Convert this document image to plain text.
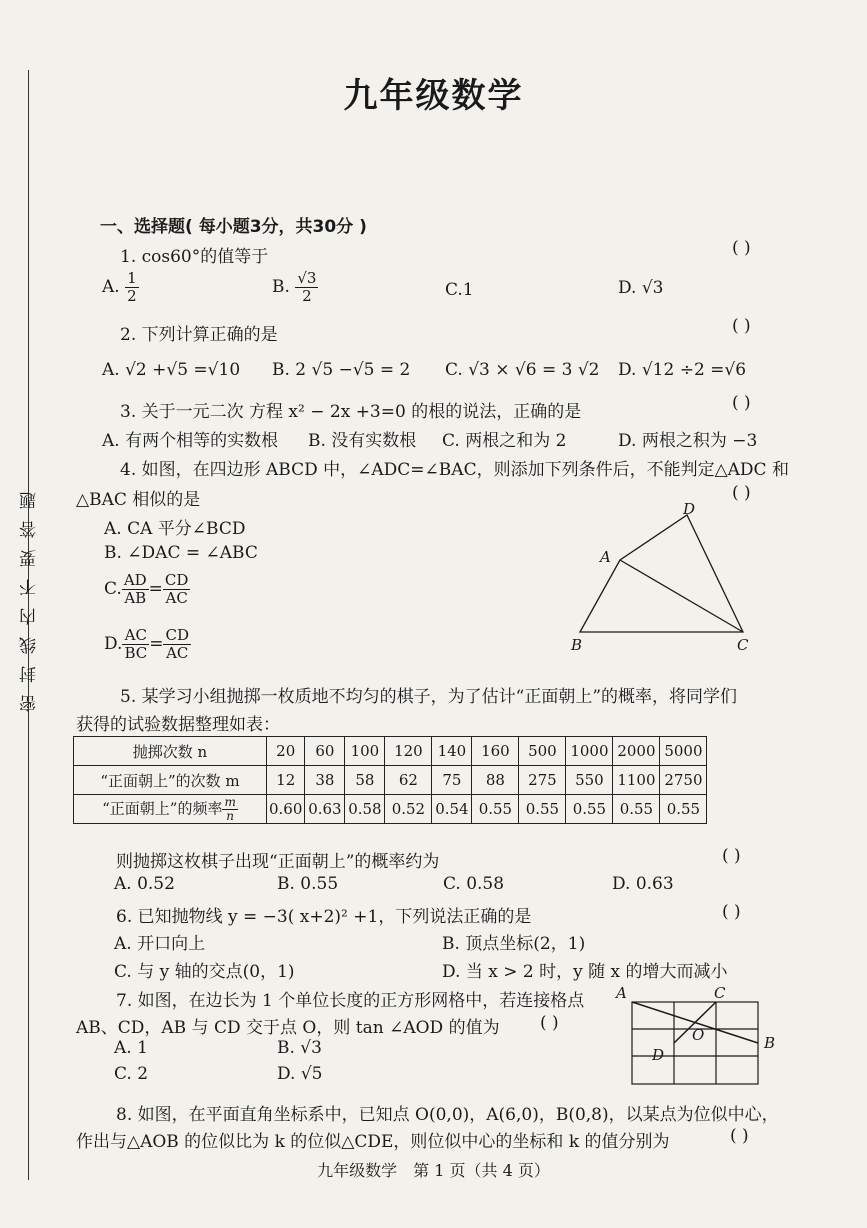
密封线内不要答题
九年级数学
一、选择题( 每小题3分，共30分 )
1. cos60°的值等于	( )
A. $\frac{1}{2}$	B. $\frac{√3}{2}$	C.1	D. √3
2. 下列计算正确的是	( )
A. √2 +√5 =√10 B. 2 √5 −√5 = 2 C. √3 × √6 = 3 √2 D. √12 ÷2 =√6
3. 关于一元二次 方程 x² − 2x +3=0 的根的说法，正确的是	( )
A. 有两个相等的实数根 B. 没有实数根 C. 两根之和为 2	D. 两根之积为 −3
4. 如图，在四边形 ABCD 中，∠ADC=∠BAC，则添加下列条件后，不能判定△ADC 和
△BAC 相似的是	( )
A. CA 平分∠BCD
B. ∠DAC = ∠ABC
C. $\frac{AD}{AB} = \frac{CD}{AC}$
D. $\frac{AC}{BC} = \frac{CD}{AC}$
A
D
B	C
5. 某学习小组抛掷一枚质地不均匀的棋子，为了估计“正面朝上”的概率，将同学们
获得的试验数据整理如表：
抛掷次数 n	20	60	100	120	140	160	500	1000	2000	5000
“正面朝上”的次数 m	12	38	58	62	75	88	275	550	1100	2750
“正面朝上”的频率 $\frac{m}{n}$	0.60	0.63	0.58	0.52	0.54	0.55	0.55	0.55	0.55	0.55
则抛掷这枚棋子出现“正面朝上”的概率约为	( )
A. 0.52	B. 0.55	C. 0.58	D. 0.63
6. 已知抛物线 y = −3( x+2)² +1，下列说法正确的是	( )
A. 开口向上	B. 顶点坐标(2，1)
C. 与 y 轴的交点(0，1)	D. 当 x > 2 时，y 随 x 的增大而减小
7. 如图，在边长为 1 个单位长度的正方形网格中，若连接格点
AB、CD，AB 与 CD 交于点 O，则 tan ∠AOD 的值为 ( )
A. 1	B. √3
C. 2	D. √5
A	C
O
D
B
8. 如图，在平面直角坐标系中，已知点 O(0,0)，A(6,0)，B(0,8)，以某点为位似中心，
作出与△AOB 的位似比为 k 的位似△CDE，则位似中心的坐标和 k 的值分别为	( )
九年级数学　第 1 页（共 4 页）
